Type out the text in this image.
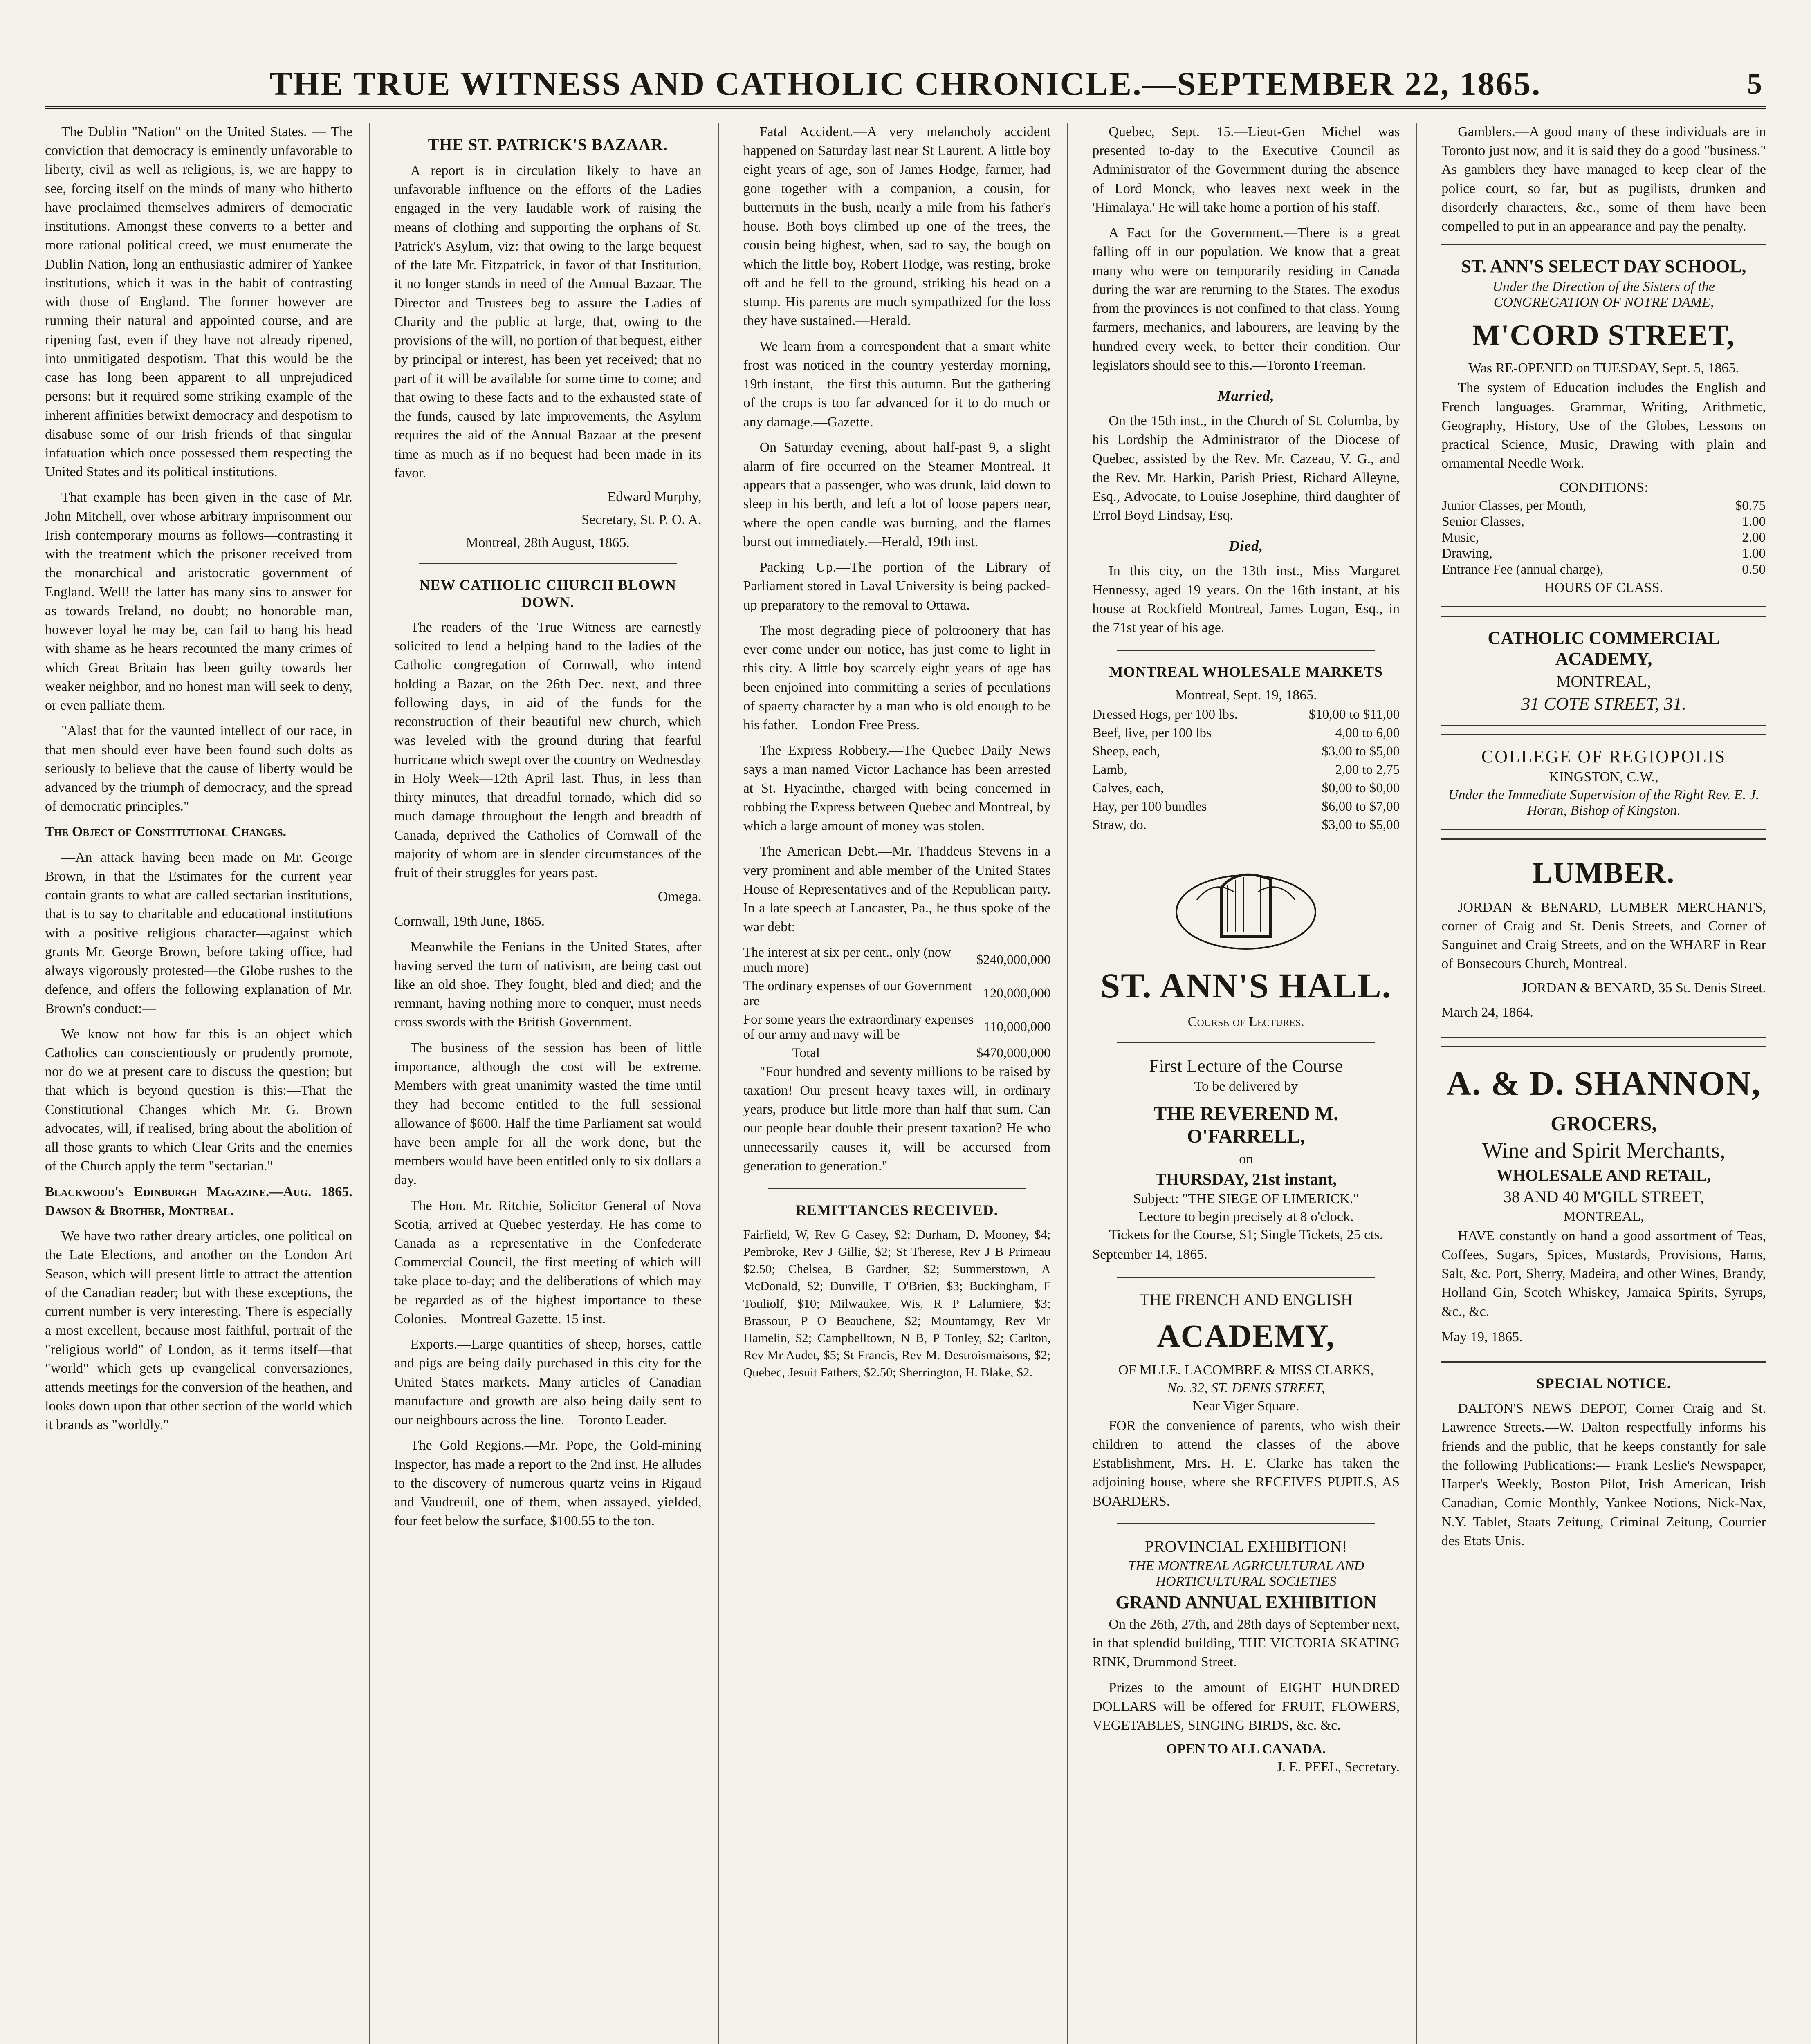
THE TRUE WITNESS AND CATHOLIC CHRONICLE.—SEPTEMBER 22, 1865.	5

The Dublin "Nation" on the United States. — The conviction that democracy is eminently unfavorable to liberty, civil as well as religious, is, we are happy to see, forcing itself on the minds of many who hitherto have proclaimed themselves admirers of democratic institutions. Amongst these converts to a better and more rational political creed, we must enumerate the Dublin Nation, long an enthusiastic admirer of Yankee institutions, which it was in the habit of contrasting with those of England. The former however are running their natural and appointed course, and are ripening fast, even if they have not already ripened, into unmitigated despotism. That this would be the case has long been apparent to all unprejudiced persons: but it required some striking example of the inherent affinities betwixt democracy and despotism to disabuse some of our Irish friends of that singular infatuation which once possessed them respecting the United States and its political institutions.

That example has been given in the case of Mr. John Mitchell, over whose arbitrary imprisonment our Irish contemporary mourns as follows—contrasting it with the treatment which the prisoner received from the monarchical and aristocratic government of England. Well! the latter has many sins to answer for as towards Ireland, no doubt; no honorable man, however loyal he may be, can fail to hang his head with shame as he hears recounted the many crimes of which Great Britain has been guilty towards her weaker neighbor, and no honest man will seek to deny, or even palliate them.

"Alas! that for the vaunted intellect of our race, in that men should ever have been found such dolts as seriously to believe that the cause of liberty would be advanced by the triumph of democracy, and the spread of democratic principles."

The Object of Constitutional Changes.

—An attack having been made on Mr. George Brown, in that the Estimates for the current year contain grants to what are called sectarian institutions, that is to say to charitable and educational institutions with a positive religious character—against which grants Mr. George Brown, before taking office, had always vigorously protested—the Globe rushes to the defence, and offers the following explanation of Mr. Brown's conduct:—

We know not how far this is an object which Catholics can conscientiously or prudently promote, nor do we at present care to discuss the question; but that which is beyond question is this:—That the Constitutional Changes which Mr. G. Brown advocates, will, if realised, bring about the abolition of all those grants to which Clear Grits and the enemies of the Church apply the term "sectarian."

Blackwood's Edinburgh Magazine.—Aug. 1865. Dawson & Brother, Montreal.

We have two rather dreary articles, one political on the Late Elections, and another on the London Art Season, which will present little to attract the attention of the Canadian reader; but with these exceptions, the current number is very interesting. There is especially a most excellent, because most faithful, portrait of the "religious world" of London, as it terms itself—that "world" which gets up evangelical conversaziones, attends meetings for the conversion of the heathen, and looks down upon that other section of the world which it brands as "worldly."

THE ST. PATRICK'S BAZAAR.

A report is in circulation likely to have an unfavorable influence on the efforts of the Ladies engaged in the very laudable work of raising the means of clothing and supporting the orphans of St. Patrick's Asylum, viz: that owing to the large bequest of the late Mr. Fitzpatrick, in favor of that Institution, it no longer stands in need of the Annual Bazaar. The Director and Trustees beg to assure the Ladies of Charity and the public at large, that, owing to the provisions of the will, no portion of that bequest, either by principal or interest, has been yet received; that no part of it will be available for some time to come; and that owing to these facts and to the exhausted state of the funds, caused by late improvements, the Asylum requires the aid of the Annual Bazaar at the present time as much as if no bequest had been made in its favor.

Edward Murphy,
Secretary, St. P. O. A.
Montreal, 28th August, 1865.
NEW CATHOLIC CHURCH BLOWN DOWN.

The readers of the True Witness are earnestly solicited to lend a helping hand to the ladies of the Catholic congregation of Cornwall, who intend holding a Bazar, on the 26th Dec. next, and three following days, in aid of the funds for the reconstruction of their beautiful new church, which was leveled with the ground during that fearful hurricane which swept over the country on Wednesday in Holy Week—12th April last. Thus, in less than thirty minutes, that dreadful tornado, which did so much damage throughout the length and breadth of Canada, deprived the Catholics of Cornwall of the majority of whom are in slender circumstances of the fruit of their struggles for years past.

Omega.

Cornwall, 19th June, 1865.

Meanwhile the Fenians in the United States, after having served the turn of nativism, are being cast out like an old shoe. They fought, bled and died; and the remnant, having nothing more to conquer, must needs cross swords with the British Government.

The business of the session has been of little importance, although the cost will be extreme. Members with great unanimity wasted the time until they had become entitled to the full sessional allowance of $600. Half the time Parliament sat would have been ample for all the work done, but the members would have been entitled only to six dollars a day.

The Hon. Mr. Ritchie, Solicitor General of Nova Scotia, arrived at Quebec yesterday. He has come to Canada as a representative in the Confederate Commercial Council, the first meeting of which will take place to-day; and the deliberations of which may be regarded as of the highest importance to these Colonies.—Montreal Gazette. 15 inst.

Exports.—Large quantities of sheep, horses, cattle and pigs are being daily purchased in this city for the United States markets. Many articles of Canadian manufacture and growth are also being daily sent to our neighbours across the line.—Toronto Leader.

The Gold Regions.—Mr. Pope, the Gold-mining Inspector, has made a report to the 2nd inst. He alludes to the discovery of numerous quartz veins in Rigaud and Vaudreuil, one of them, when assayed, yielded, four feet below the surface, $100.55 to the ton.

Fatal Accident.—A very melancholy accident happened on Saturday last near St Laurent. A little boy eight years of age, son of James Hodge, farmer, had gone together with a companion, a cousin, for butternuts in the bush, nearly a mile from his father's house. Both boys climbed up one of the trees, the cousin being highest, when, sad to say, the bough on which the little boy, Robert Hodge, was resting, broke off and he fell to the ground, striking his head on a stump. His parents are much sympathized for the loss they have sustained.—Herald.

We learn from a correspondent that a smart white frost was noticed in the country yesterday morning, 19th instant,—the first this autumn. But the gathering of the crops is too far advanced for it to do much or any damage.—Gazette.

On Saturday evening, about half-past 9, a slight alarm of fire occurred on the Steamer Montreal. It appears that a passenger, who was drunk, laid down to sleep in his berth, and left a lot of loose papers near, where the open candle was burning, and the flames burst out immediately.—Herald, 19th inst.

Packing Up.—The portion of the Library of Parliament stored in Laval University is being packed-up preparatory to the removal to Ottawa.

The most degrading piece of poltroonery that has ever come under our notice, has just come to light in this city. A little boy scarcely eight years of age has been enjoined into committing a series of peculations of spaerty character by a man who is old enough to be his father.—London Free Press.

The Express Robbery.—The Quebec Daily News says a man named Victor Lachance has been arrested at St. Hyacinthe, charged with being concerned in robbing the Express between Quebec and Montreal, by which a large amount of money was stolen.

The American Debt.—Mr. Thaddeus Stevens in a very prominent and able member of the United States House of Representatives and of the Republican party. In a late speech at Lancaster, Pa., he thus spoke of the war debt:—

The interest at six per cent., only (now much more)	$240,000,000
The ordinary expenses of our Government are	120,000,000
For some years the extraordinary expenses of our army and navy will be	110,000,000
Total	$470,000,000

"Four hundred and seventy millions to be raised by taxation! Our present heavy taxes will, in ordinary years, produce but little more than half that sum. Can our people bear double their present taxation? He who unnecessarily causes it, will be accursed from generation to generation."

REMITTANCES RECEIVED.

Fairfield, W, Rev G Casey, $2; Durham, D. Mooney, $4; Pembroke, Rev J Gillie, $2; St Therese, Rev J B Primeau $2.50; Chelsea, B Gardner, $2; Summerstown, A McDonald, $2; Dunville, T O'Brien, $3; Buckingham, F Touliolf, $10; Milwaukee, Wis, R P Lalumiere, $3; Brassour, P O Beauchene, $2; Mountamgy, Rev Mr Hamelin, $2; Campbelltown, N B, P Tonley, $2; Carlton, Rev Mr Audet, $5; St Francis, Rev M. Destroismaisons, $2; Quebec, Jesuit Fathers, $2.50; Sherrington, H. Blake, $2.

Quebec, Sept. 15.—Lieut-Gen Michel was presented to-day to the Executive Council as Administrator of the Government during the absence of Lord Monck, who leaves next week in the 'Himalaya.' He will take home a portion of his staff.

A Fact for the Government.—There is a great falling off in our population. We know that a great many who were on temporarily residing in Canada during the war are returning to the States. The exodus from the provinces is not confined to that class. Young farmers, mechanics, and labourers, are leaving by the hundred every week, to better their condition. Our legislators should see to this.—Toronto Freeman.

Married,

On the 15th inst., in the Church of St. Columba, by his Lordship the Administrator of the Diocese of Quebec, assisted by the Rev. Mr. Cazeau, V. G., and the Rev. Mr. Harkin, Parish Priest, Richard Alleyne, Esq., Advocate, to Louise Josephine, third daughter of Errol Boyd Lindsay, Esq.

Died,

In this city, on the 13th inst., Miss Margaret Hennessy, aged 19 years. On the 16th instant, at his house at Rockfield Montreal, James Logan, Esq., in the 71st year of his age.

MONTREAL WHOLESALE MARKETS
Montreal, Sept. 19, 1865.
Dressed Hogs, per 100 lbs.	$10,00 to $11,00
Beef, live, per 100 lbs	4,00 to 6,00
Sheep, each,	$3,00 to $5,00
Lamb,	2,00 to 2,75
Calves, each,	$0,00 to $0,00
Hay, per 100 bundles	$6,00 to $7,00
Straw, do.	$3,00 to $5,00
ST. ANN'S HALL.
Course of Lectures.
First Lecture of the Course
To be delivered by
THE REVEREND M. O'FARRELL,
on
THURSDAY, 21st instant,
Subject: "THE SIEGE OF LIMERICK."
Lecture to begin precisely at 8 o'clock.
Tickets for the Course, $1; Single Tickets, 25 cts.

September 14, 1865.

THE FRENCH AND ENGLISH
ACADEMY,
OF MLLE. LACOMBRE & MISS CLARKS,
No. 32, ST. DENIS STREET,
Near Viger Square.

FOR the convenience of parents, who wish their children to attend the classes of the above Establishment, Mrs. H. E. Clarke has taken the adjoining house, where she RECEIVES PUPILS, AS BOARDERS.

PROVINCIAL EXHIBITION!
THE MONTREAL AGRICULTURAL AND HORTICULTURAL SOCIETIES
GRAND ANNUAL EXHIBITION

On the 26th, 27th, and 28th days of September next, in that splendid building, THE VICTORIA SKATING RINK, Drummond Street.

Prizes to the amount of EIGHT HUNDRED DOLLARS will be offered for FRUIT, FLOWERS, VEGETABLES, SINGING BIRDS, &c. &c.

OPEN TO ALL CANADA.
J. E. PEEL, Secretary.

Gamblers.—A good many of these individuals are in Toronto just now, and it is said they do a good "business." As gamblers they have managed to keep clear of the police court, so far, but as pugilists, drunken and disorderly characters, &c., some of them have been compelled to put in an appearance and pay the penalty.

ST. ANN'S SELECT DAY SCHOOL,
Under the Direction of the Sisters of the CONGREGATION OF NOTRE DAME,
M'CORD STREET,
Was RE-OPENED on TUESDAY, Sept. 5, 1865.

The system of Education includes the English and French languages. Grammar, Writing, Arithmetic, Geography, History, Use of the Globes, Lessons on practical Science, Music, Drawing with plain and ornamental Needle Work.

CONDITIONS:
Junior Classes, per Month,	$0.75
Senior Classes,	1.00
Music,	2.00
Drawing,	1.00
Entrance Fee (annual charge),	0.50
HOURS OF CLASS.
CATHOLIC COMMERCIAL ACADEMY,
MONTREAL,
31 COTE STREET, 31.
COLLEGE OF REGIOPOLIS
KINGSTON, C.W.,
Under the Immediate Supervision of the Right Rev. E. J. Horan, Bishop of Kingston.
LUMBER.

JORDAN & BENARD, LUMBER MERCHANTS, corner of Craig and St. Denis Streets, and Corner of Sanguinet and Craig Streets, and on the WHARF in Rear of Bonsecours Church, Montreal.

JORDAN & BENARD, 35 St. Denis Street.

March 24, 1864.

A. & D. SHANNON,
GROCERS,
Wine and Spirit Merchants,
WHOLESALE AND RETAIL,
38 AND 40 M'GILL STREET,
MONTREAL,

HAVE constantly on hand a good assortment of Teas, Coffees, Sugars, Spices, Mustards, Provisions, Hams, Salt, &c. Port, Sherry, Madeira, and other Wines, Brandy, Holland Gin, Scotch Whiskey, Jamaica Spirits, Syrups, &c., &c.

May 19, 1865.

SPECIAL NOTICE.

DALTON'S NEWS DEPOT, Corner Craig and St. Lawrence Streets.—W. Dalton respectfully informs his friends and the public, that he keeps constantly for sale the following Publications:— Frank Leslie's Newspaper, Harper's Weekly, Boston Pilot, Irish American, Irish Canadian, Comic Monthly, Yankee Notions, Nick-Nax, N.Y. Tablet, Staats Zeitung, Criminal Zeitung, Courrier des Etats Unis.
